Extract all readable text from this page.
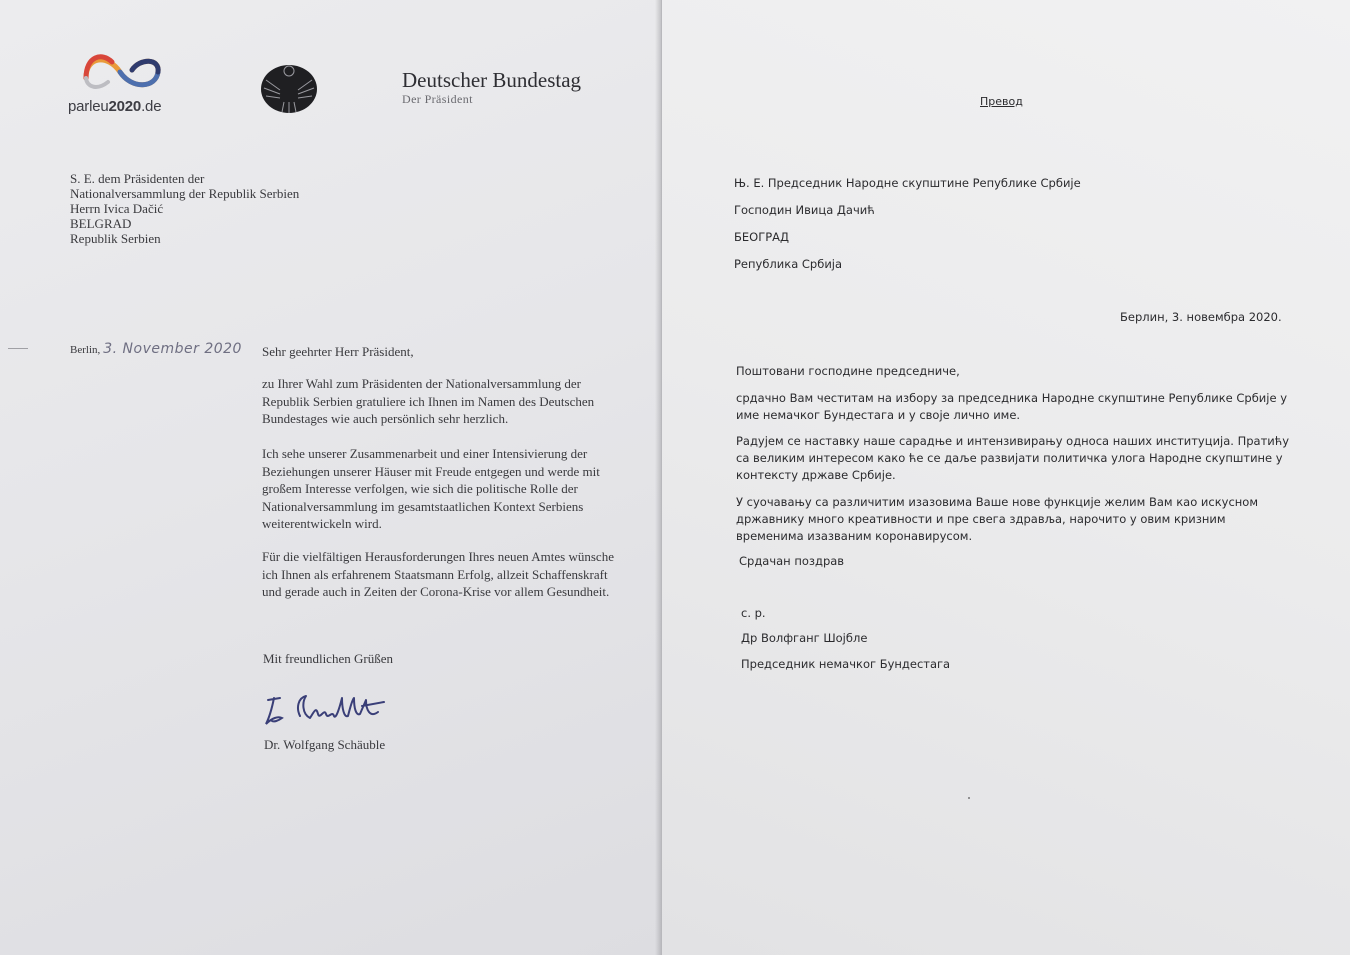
parleu2020.de
Deutscher Bundestag
Der Präsident
S. E. dem Präsidenten der
Nationalversammlung der Republik Serbien
Herrn Ivica Dačić
BELGRAD
Republik Serbien
Berlin, 3. November 2020 Sehr geehrter Herr Präsident,

zu Ihrer Wahl zum Präsidenten der Nationalversammlung der Republik Serbien gratuliere ich Ihnen im Namen des Deutschen Bundestages wie auch persönlich sehr herzlich.

Ich sehe unserer Zusammenarbeit und einer Intensivierung der Beziehungen unserer Häuser mit Freude entgegen und werde mit großem Interesse verfolgen, wie sich die politische Rolle der Nationalversammlung im gesamtstaatlichen Kontext Serbiens weiterentwickeln wird.

Für die vielfältigen Herausforderungen Ihres neuen Amtes wünsche ich Ihnen als erfahrenem Staatsmann Erfolg, allzeit Schaffenskraft und gerade auch in Zeiten der Corona-Krise vor allem Gesundheit.

Mit freundlichen Grüßen
Dr. Wolfgang Schäuble
Превод
Њ. Е. Председник Народне скупштине Републике Србије
Господин Ивица Дачић
БЕОГРАД
Република Србија
Берлин, 3. новембра 2020.
Поштовани господине председниче,

срдачно Вам честитам на избору за председника Народне скупштине Републике Србије у име немачког Бундестага и у своје лично име.

Радујем се наставку наше сарадње и интензивирању односа наших институција. Пратићу са великим интересом како ће се даље развијати политичка улога Народне скупштине у контексту државе Србије.

У суочавању са различитим изазовима Ваше нове функције желим Вам као искусном државнику много креативности и пре свега здравља, нарочито у овим кризним временима изазваним коронавирусом.

Срдачан поздрав
с. р.
Др Волфганг Шојбле
Председник немачког Бундестага
